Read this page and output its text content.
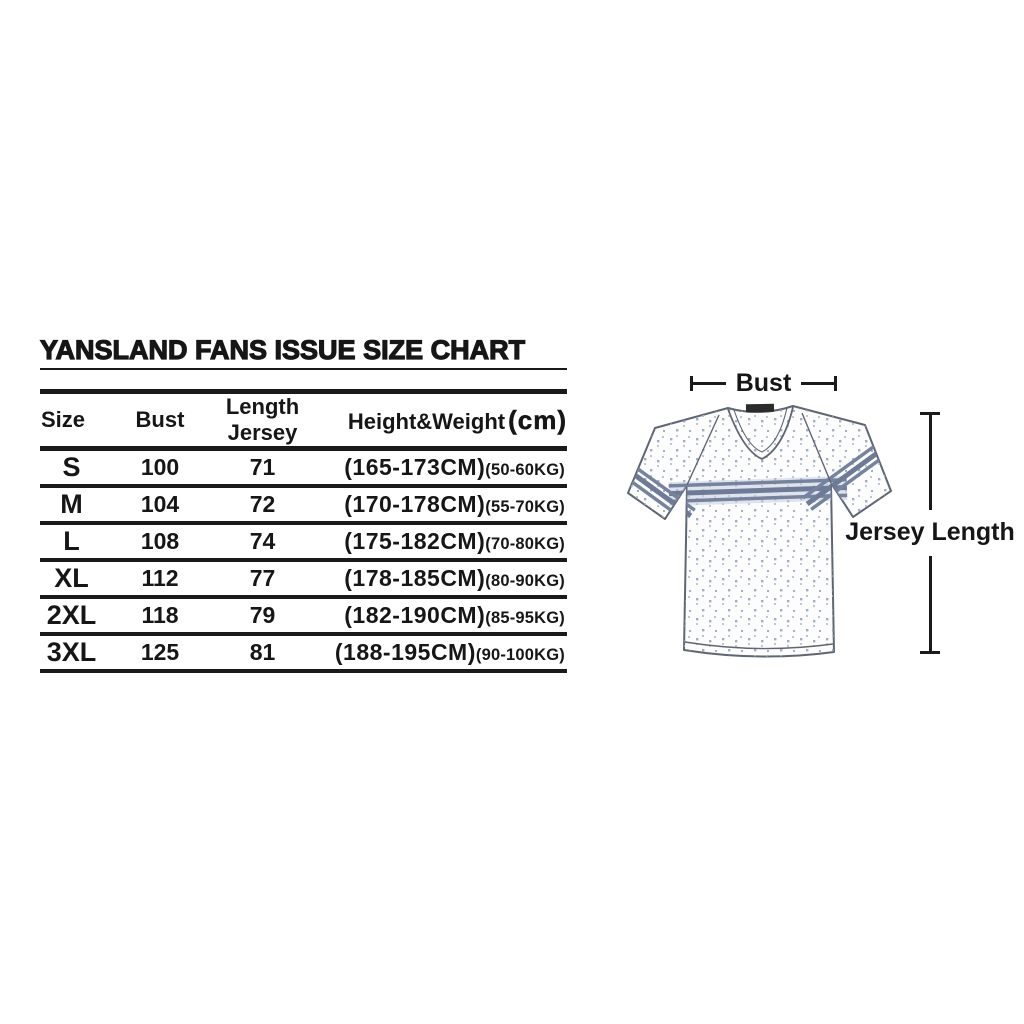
YANSLAND FANS ISSUE SIZE CHART
Size	Bust	Length Jersey	Height&Weight (cm)
S	100	71	(165-173CM)(50-60KG)
M	104	72	(170-178CM)(55-70KG)
L	108	74	(175-182CM)(70-80KG)
XL	112	77	(178-185CM)(80-90KG)
2XL	118	79	(182-190CM)(85-95KG)
3XL	125	81	(188-195CM)(90-100KG)
Bust
Jersey Length
